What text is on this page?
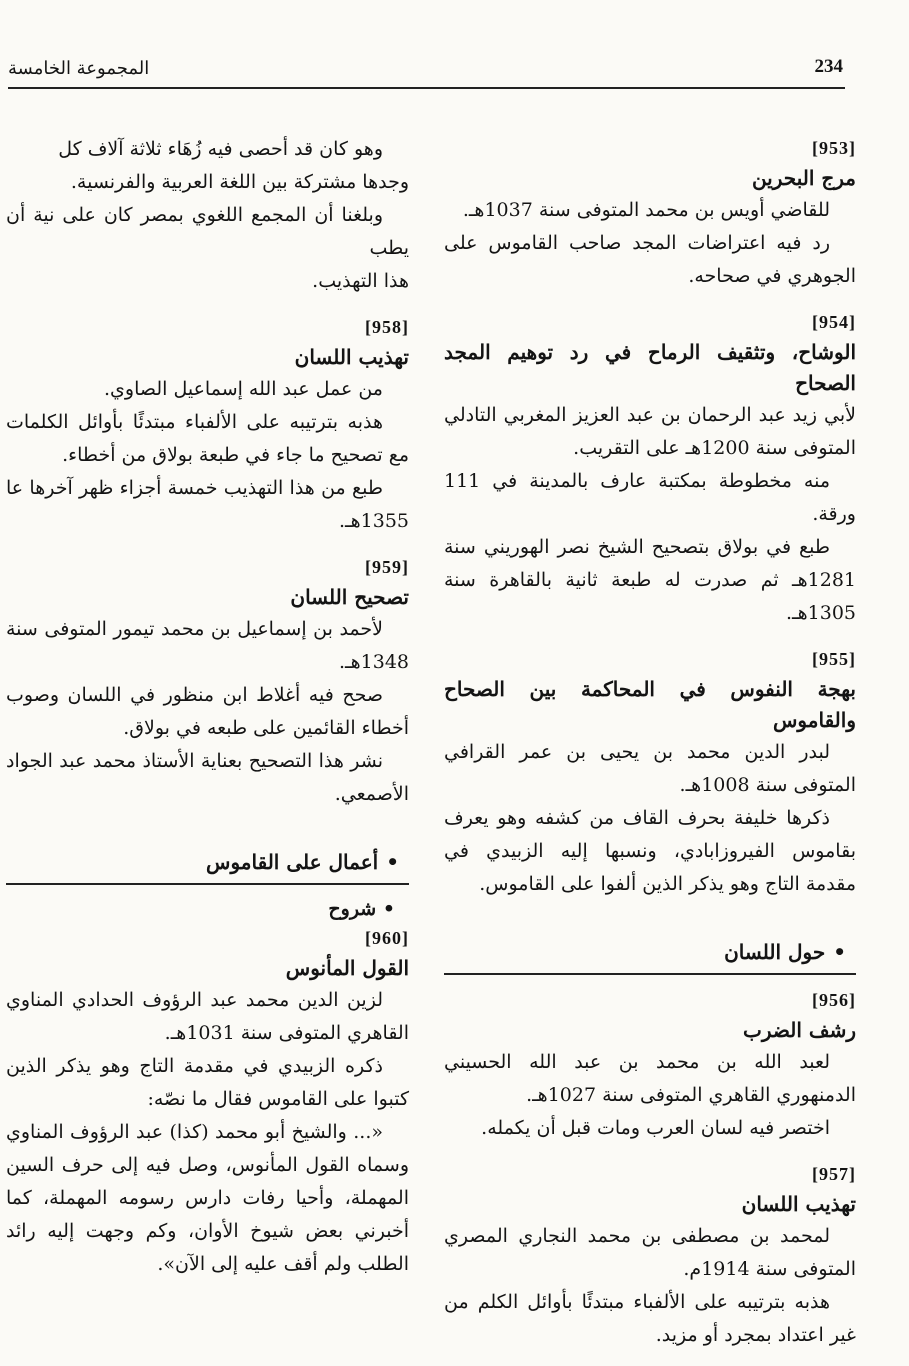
المجموعة الخامسة	234
[953]
مرج البحرين
للقاضي أويس بن محمد المتوفى سنة 1037هـ.
رد فيه اعتراضات المجد صاحب القاموس على الجوهري في صحاحه.
[954]
الوشاح، وتثقيف الرماح في رد توهيم المجد الصحاح
لأبي زيد عبد الرحمان بن عبد العزيز المغربي التادلي المتوفى سنة 1200هـ على التقريب.
منه مخطوطة بمكتبة عارف بالمدينة في 111 ورقة.
طبع في بولاق بتصحيح الشيخ نصر الهوريني سنة 1281هـ ثم صدرت له طبعة ثانية بالقاهرة سنة 1305هـ.
[955]
بهجة النفوس في المحاكمة بين الصحاح والقاموس
لبدر الدين محمد بن يحيى بن عمر القرافي المتوفى سنة 1008هـ.
ذكرها خليفة بحرف القاف من كشفه وهو يعرف بقاموس الفيروزابادي، ونسبها إليه الزبيدي في مقدمة التاج وهو يذكر الذين ألفوا على القاموس.
•حول اللسان
[956]
رشف الضرب
لعبد الله بن محمد بن عبد الله الحسيني الدمنهوري القاهري المتوفى سنة 1027هـ.
اختصر فيه لسان العرب ومات قبل أن يكمله.
[957]
تهذيب اللسان
لمحمد بن مصطفى بن محمد النجاري المصري المتوفى سنة 1914م.
هذبه بترتيبه على الألفباء مبتدئًا بأوائل الكلم من غير اعتداد بمجرد أو مزيد.
وهو كان قد أحصى فيه زُهَاء ثلاثة آلاف كل
وجدها مشتركة بين اللغة العربية والفرنسية.
وبلغنا أن المجمع اللغوي بمصر كان على نية أن يطب
هذا التهذيب.
[958]
تهذيب اللسان
من عمل عبد الله إسماعيل الصاوي.
هذبه بترتيبه على الألفباء مبتدئًا بأوائل الكلمات مع تصحيح ما جاء في طبعة بولاق من أخطاء.
طبع من هذا التهذيب خمسة أجزاء ظهر آخرها عا 1355هـ.
[959]
تصحيح اللسان
لأحمد بن إسماعيل بن محمد تيمور المتوفى سنة 1348هـ.
صحح فيه أغلاط ابن منظور في اللسان وصوب أخطاء القائمين على طبعه في بولاق.
نشر هذا التصحيح بعناية الأستاذ محمد عبد الجواد الأصمعي.
•أعمال على القاموس
• شروح
[960]
القول المأنوس
لزين الدين محمد عبد الرؤوف الحدادي المناوي القاهري المتوفى سنة 1031هـ.
ذكره الزبيدي في مقدمة التاج وهو يذكر الذين كتبوا على القاموس فقال ما نصّه:
«... والشيخ أبو محمد (كذا) عبد الرؤوف المناوي وسماه القول المأنوس، وصل فيه إلى حرف السين المهملة، وأحيا رفات دارس رسومه المهملة، كما أخبرني بعض شيوخ الأوان، وكم وجهت إليه رائد الطلب ولم أقف عليه إلى الآن».
